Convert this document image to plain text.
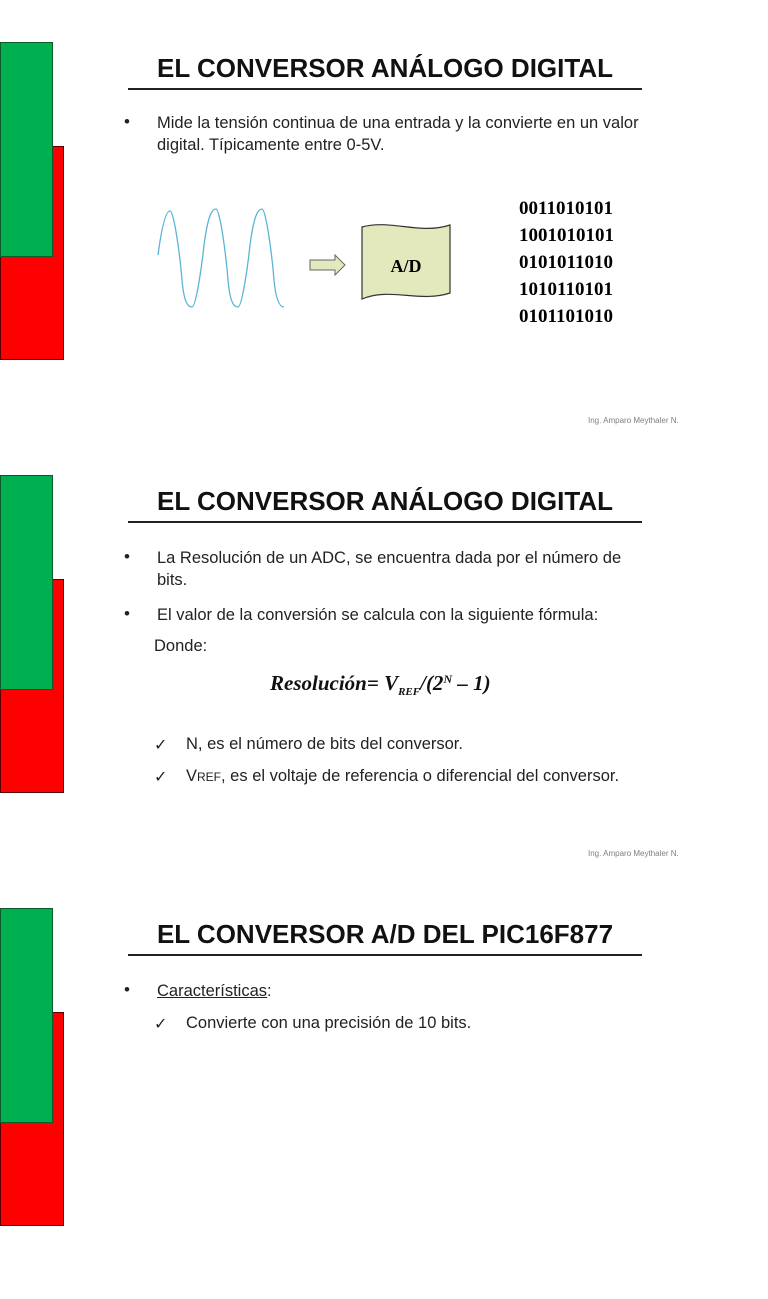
EL CONVERSOR ANÁLOGO DIGITAL
• Mide la tensión continua de una entrada y la convierte en un valor digital. Típicamente entre 0-5V.
A/D
0011010101
1001010101
0101011010
1010110101
0101101010
Ing. Amparo Meythaler N.
EL CONVERSOR ANÁLOGO DIGITAL
• La Resolución de un ADC, se encuentra dada por el número de bits.
• El valor de la conversión se calcula con la siguiente fórmula:
Donde:
Resolución= $V_{REF}/(2^N - 1)$
✓ N, es el número de bits del conversor.
✓ VREF, es el voltaje de referencia o diferencial del conversor.
Ing. Amparo Meythaler N.
EL CONVERSOR A/D DEL PIC16F877
• Características:
✓ Convierte con una precisión de 10 bits.
